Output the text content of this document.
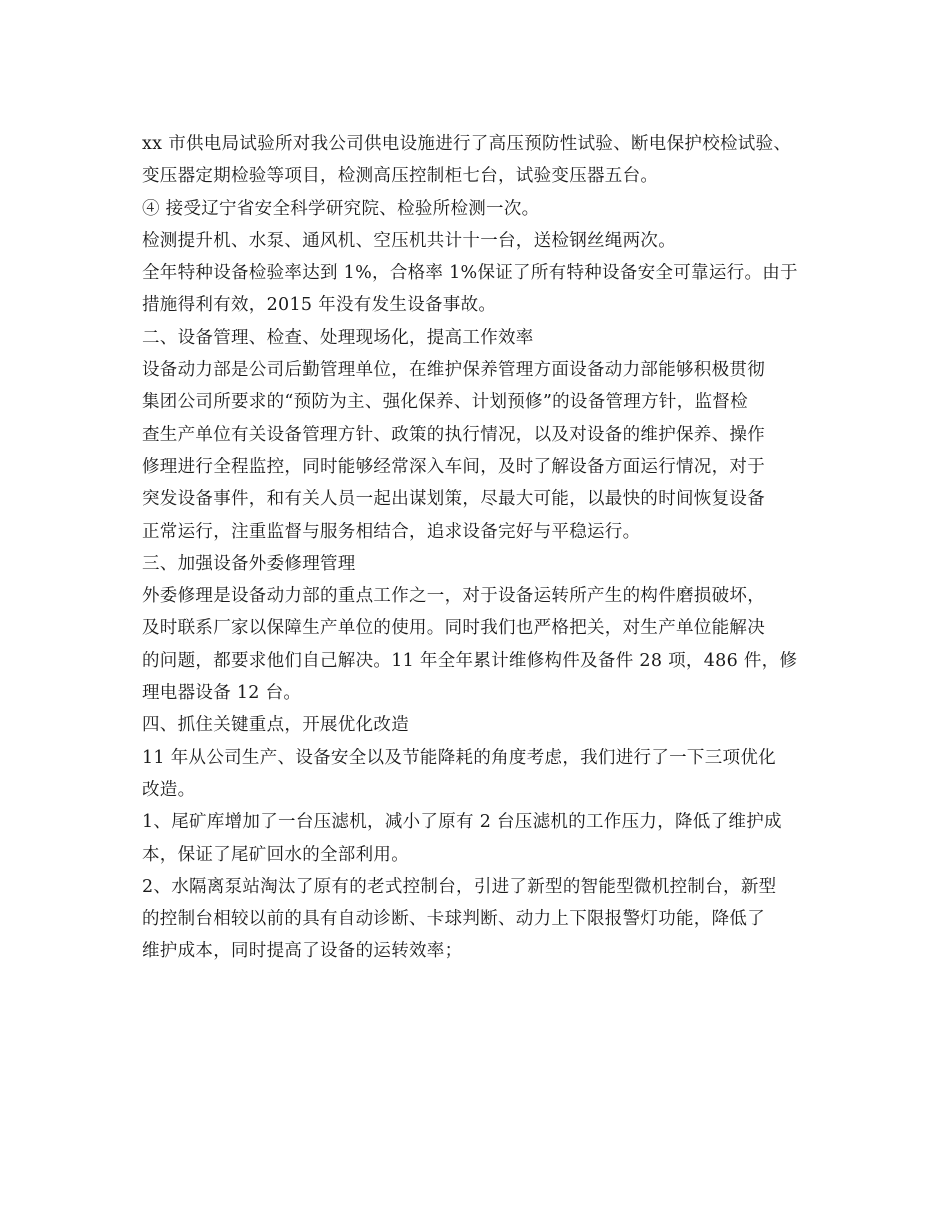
xx 市供电局试验所对我公司供电设施进行了高压预防性试验、断电保护校检试验、
变压器定期检验等项目，检测高压控制柜七台，试验变压器五台。
④ 接受辽宁省安全科学研究院、检验所检测一次。
检测提升机、水泵、通风机、空压机共计十一台，送检钢丝绳两次。
全年特种设备检验率达到 1%，合格率 1%保证了所有特种设备安全可靠运行。由于
措施得利有效，2015 年没有发生设备事故。
二、设备管理、检查、处理现场化，提高工作效率
设备动力部是公司后勤管理单位，在维护保养管理方面设备动力部能够积极贯彻
集团公司所要求的“预防为主、强化保养、计划预修”的设备管理方针，监督检
查生产单位有关设备管理方针、政策的执行情况，以及对设备的维护保养、操作
修理进行全程监控，同时能够经常深入车间，及时了解设备方面运行情况，对于
突发设备事件，和有关人员一起出谋划策，尽最大可能，以最快的时间恢复设备
正常运行，注重监督与服务相结合，追求设备完好与平稳运行。
三、加强设备外委修理管理
外委修理是设备动力部的重点工作之一，对于设备运转所产生的构件磨损破坏，
及时联系厂家以保障生产单位的使用。同时我们也严格把关，对生产单位能解决
的问题，都要求他们自己解决。11 年全年累计维修构件及备件 28 项，486 件，修
理电器设备 12 台。
四、抓住关键重点，开展优化改造
11 年从公司生产、设备安全以及节能降耗的角度考虑，我们进行了一下三项优化
改造。
1、尾矿库增加了一台压滤机，减小了原有 2 台压滤机的工作压力，降低了维护成
本，保证了尾矿回水的全部利用。
2、水隔离泵站淘汰了原有的老式控制台，引进了新型的智能型微机控制台，新型
的控制台相较以前的具有自动诊断、卡球判断、动力上下限报警灯功能，降低了
维护成本，同时提高了设备的运转效率；
